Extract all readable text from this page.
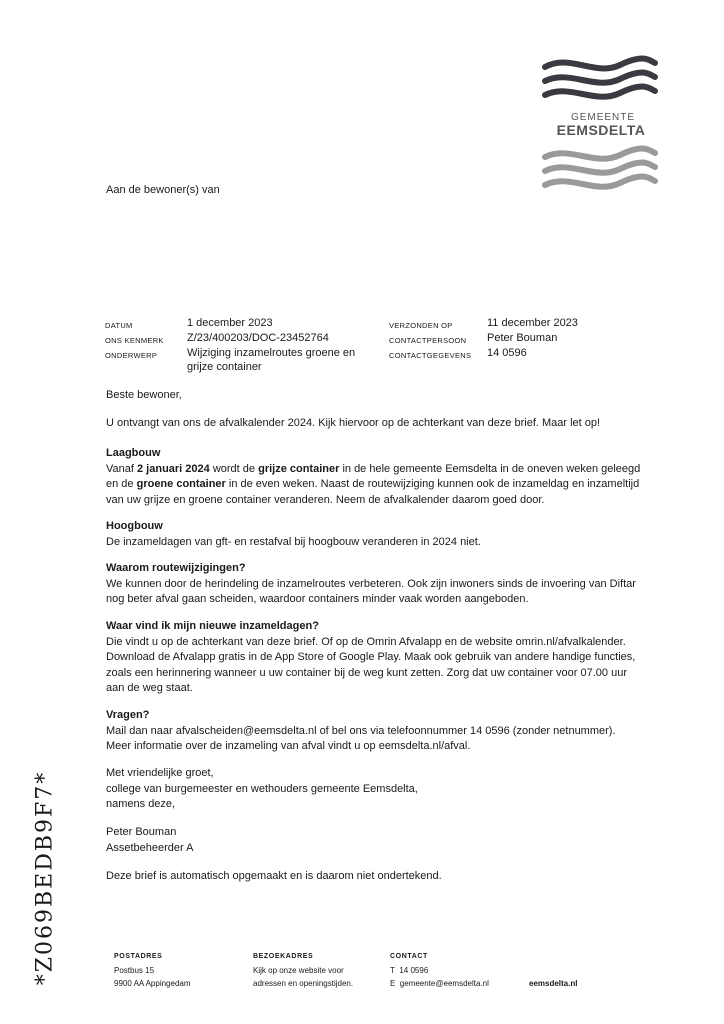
GEMEENTE
EEMSDELTA
Aan de bewoner(s) van
DATUM	1 december 2023
ONS KENMERK Z/23/400203/DOC-23452764
ONDERWERP	Wijziging inzamelroutes groene en
grijze container
VERZONDEN OP	11 december 2023
CONTACTPERSOON Peter Bouman
CONTACTGEGEVENS 14 0596
Beste bewoner,
U ontvangt van ons de afvalkalender 2024. Kijk hiervoor op de achterkant van deze brief. Maar let op!

Laagbouw

Vanaf 2 januari 2024 wordt de grijze container in de hele gemeente Eemsdelta in de oneven weken geleegd en de groene container in de even weken. Naast de routewijziging kunnen ook de inzameldag en inzameltijd van uw grijze en groene container veranderen. Neem de afvalkalender daarom goed door.

Hoogbouw

De inzameldagen van gft- en restafval bij hoogbouw veranderen in 2024 niet.

Waarom routewijzigingen?

We kunnen door de herindeling de inzamelroutes verbeteren. Ook zijn inwoners sinds de invoering van Diftar nog beter afval gaan scheiden, waardoor containers minder vaak worden aangeboden.

Waar vind ik mijn nieuwe inzameldagen?

Die vindt u op de achterkant van deze brief. Of op de Omrin Afvalapp en de website omrin.nl/afvalkalender. Download de Afvalapp gratis in de App Store of Google Play. Maak ook gebruik van andere handige functies, zoals een herinnering wanneer u uw container bij de weg kunt zetten. Zorg dat uw container voor 07.00 uur aan de weg staat.

Vragen?

Mail dan naar afvalscheiden@eemsdelta.nl of bel ons via telefoonnummer 14 0596 (zonder netnummer).

Meer informatie over de inzameling van afval vindt u op eemsdelta.nl/afval.

Met vriendelijke groet,

college van burgemeester en wethouders gemeente Eemsdelta,

namens deze,

Peter Bouman

Assetbeheerder A

Deze brief is automatisch opgemaakt en is daarom niet ondertekend.
*Z069BEDB9F7*	POSTADRES
Postbus 15
9900 AA Appingedam
BEZOEKADRES
Kijk op onze website voor
adressen en openingstijden.
CONTACT
T 14 0596
E gemeente@eemsdelta.nl	eemsdelta.nl
